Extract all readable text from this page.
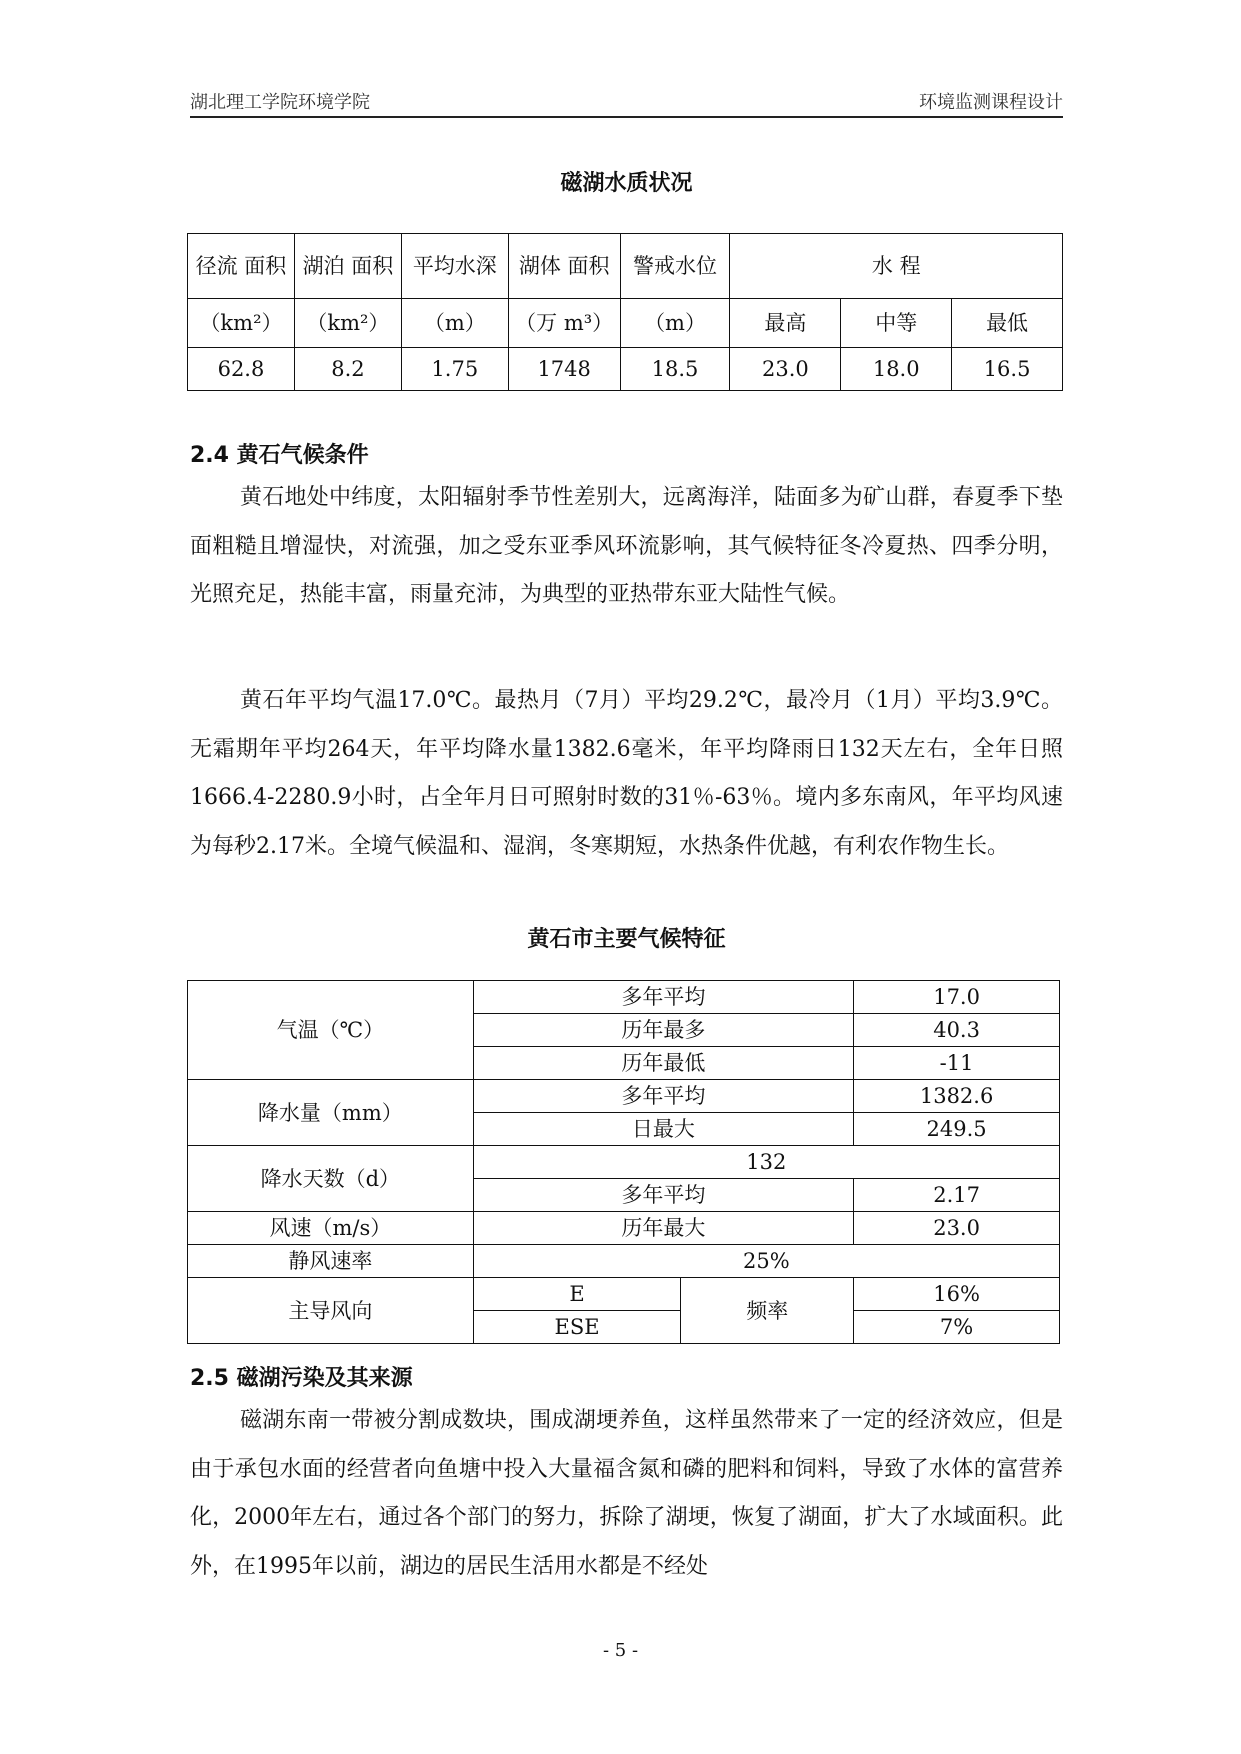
湖北理工学院环境学院	环境监测课程设计
磁湖水质状况
径流 面积	湖泊 面积	平均水深	湖体 面积	警戒水位	水 程		
（km²）	（km²）	（m）	（万 m³）	（m）	最高	中等	最低
62.8	8.2	1.75	1748	18.5	23.0	18.0	16.5
2.4 黄石气候条件

黄石地处中纬度，太阳辐射季节性差别大，远离海洋，陆面多为矿山群，春夏季下垫面粗糙且增湿快，对流强，加之受东亚季风环流影响，其气候特征冬冷夏热、四季分明，光照充足，热能丰富，雨量充沛，为典型的亚热带东亚大陆性气候。

黄石年平均气温17.0℃。最热月（7月）平均29.2℃，最冷月（1月）平均3.9℃。无霜期年平均264天，年平均降水量1382.6毫米，年平均降雨日132天左右，全年日照1666.4-2280.9小时，占全年月日可照射时数的31％-63％。境内多东南风，年平均风速为每秒2.17米。全境气候温和、湿润，冬寒期短，水热条件优越，有利农作物生长。

黄石市主要气候特征
气温（℃）	多年平均		17.0
	历年最多		40.3
	历年最低		-11
降水量（mm）	多年平均		1382.6
	日最大		249.5
降水天数（d）	132		
	多年平均		2.17
风速（m/s）	历年最大		23.0
静风速率	25%		
主导风向	E	频率	16%
	ESE		7%
2.5 磁湖污染及其来源

磁湖东南一带被分割成数块，围成湖埂养鱼，这样虽然带来了一定的经济效应，但是由于承包水面的经营者向鱼塘中投入大量福含氮和磷的肥料和饲料，导致了水体的富营养化，2000年左右，通过各个部门的努力，拆除了湖埂，恢复了湖面，扩大了水域面积。此外，在1995年以前，湖边的居民生活用水都是不经处

- 5 -
